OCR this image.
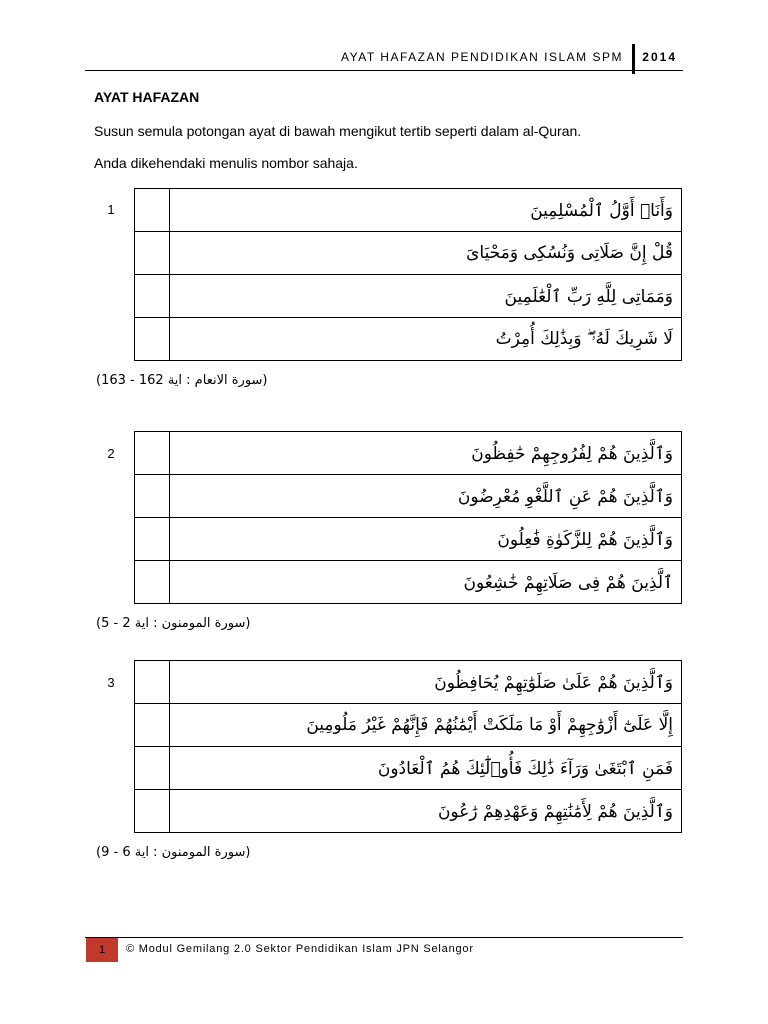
AYAT HAFAZAN PENDIDIKAN ISLAM SPM 2014
AYAT HAFAZAN
Susun semula potongan ayat di bawah mengikut tertib seperti dalam al-Quran.
Anda dikehendaki menulis nombor sahaja.
1
		وَأَنَا۠ أَوَّلُ ٱلْمُسْلِمِينَ
	قُلْ إِنَّ صَلَاتِى وَنُسُكِى وَمَحْيَاىَ
	وَمَمَاتِى لِلَّهِ رَبِّ ٱلْعَٰلَمِينَ
	لَا شَرِيكَ لَهُۥ ۖ وَبِذَٰلِكَ أُمِرْتُ
(سورة الانعام : اية 162 - 163)
2
		وَٱلَّذِينَ هُمْ لِفُرُوجِهِمْ حَٰفِظُونَ
	وَٱلَّذِينَ هُمْ عَنِ ٱللَّغْوِ مُعْرِضُونَ
	وَٱلَّذِينَ هُمْ لِلزَّكَوٰةِ فَٰعِلُونَ
	ٱلَّذِينَ هُمْ فِى صَلَاتِهِمْ خَٰشِعُونَ
(سورة المومنون : اية 2 - 5)
3
		وَٱلَّذِينَ هُمْ عَلَىٰ صَلَوَٰتِهِمْ يُحَافِظُونَ
	إِلَّا عَلَىٰٓ أَزْوَٰجِهِمْ أَوْ مَا مَلَكَتْ أَيْمَٰنُهُمْ فَإِنَّهُمْ غَيْرُ مَلُومِينَ
	فَمَنِ ٱبْتَغَىٰ وَرَآءَ ذَٰلِكَ فَأُو۟لَٰٓئِكَ هُمُ ٱلْعَادُونَ
	وَٱلَّذِينَ هُمْ لِأَمَٰنَٰتِهِمْ وَعَهْدِهِمْ رَٰعُونَ
(سورة المومنون : اية 6 - 9)
1	© Modul Gemilang 2.0 Sektor Pendidikan Islam JPN Selangor
